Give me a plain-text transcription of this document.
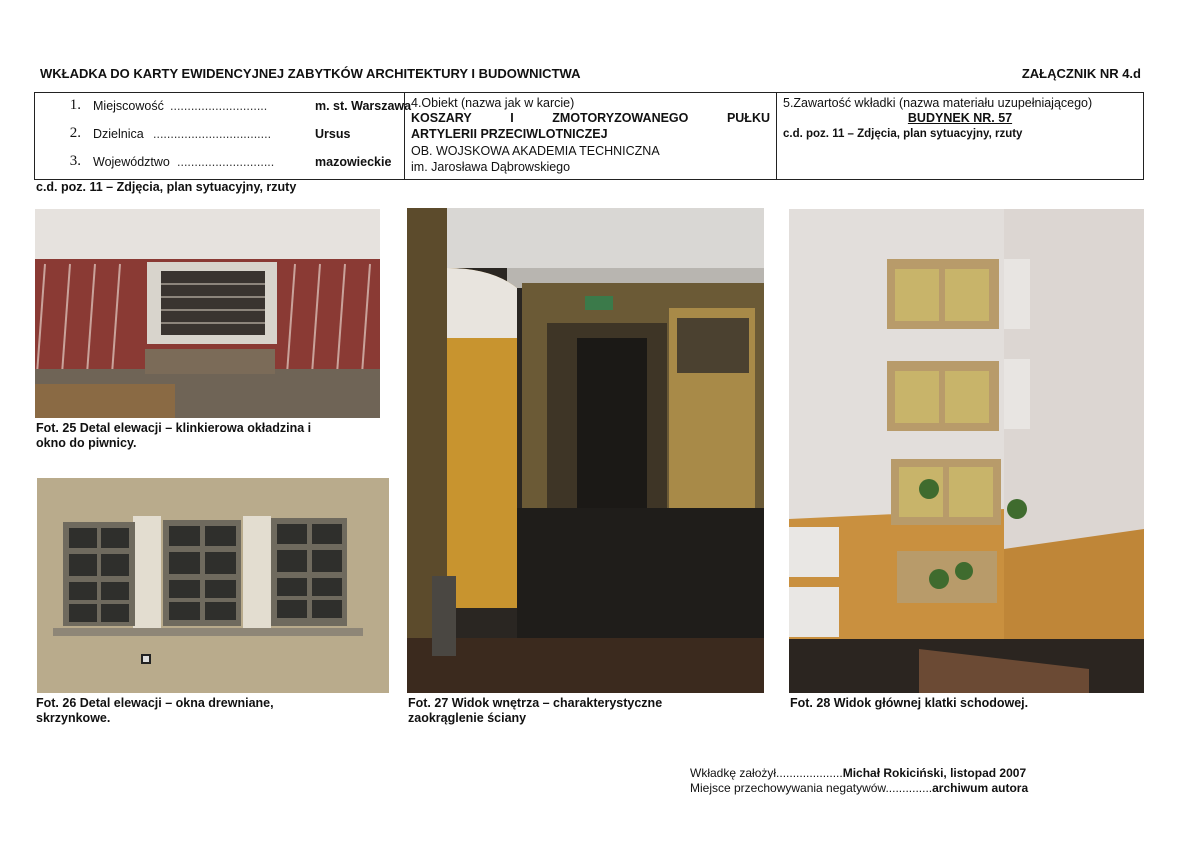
WKŁADKA DO KARTY EWIDENCYJNEJ ZABYTKÓW ARCHITEKTURY I BUDOWNICTWA	ZAŁĄCZNIK NR 4.d
1. Miejscowość ............................	m. st. Warszawa
2. Dzielnica ..................................	Ursus
3. Województwo ............................	mazowieckie
4.Obiekt (nazwa jak w karcie)
KOSZARY	I	ZMOTORYZOWANEGO	PUŁKU
ARTYLERII PRZECIWLOTNICZEJ
OB. WOJSKOWA AKADEMIA TECHNICZNA
im. Jarosława Dąbrowskiego
5.Zawartość wkładki (nazwa materiału uzupełniającego)
BUDYNEK NR. 57
c.d. poz. 11 – Zdjęcia, plan sytuacyjny, rzuty
c.d. poz. 11 – Zdjęcia, plan sytuacyjny, rzuty
Fot. 25 Detal elewacji – klinkierowa okładzina i
okno do piwnicy.
Fot. 26 Detal elewacji – okna drewniane,
skrzynkowe.
Fot. 27 Widok wnętrza – charakterystyczne
zaokrąglenie ściany
Fot. 28 Widok głównej klatki schodowej.
Wkładkę założył....................Michał Rokiciński, listopad 2007
Miejsce przechowywania negatywów..............archiwum autora
